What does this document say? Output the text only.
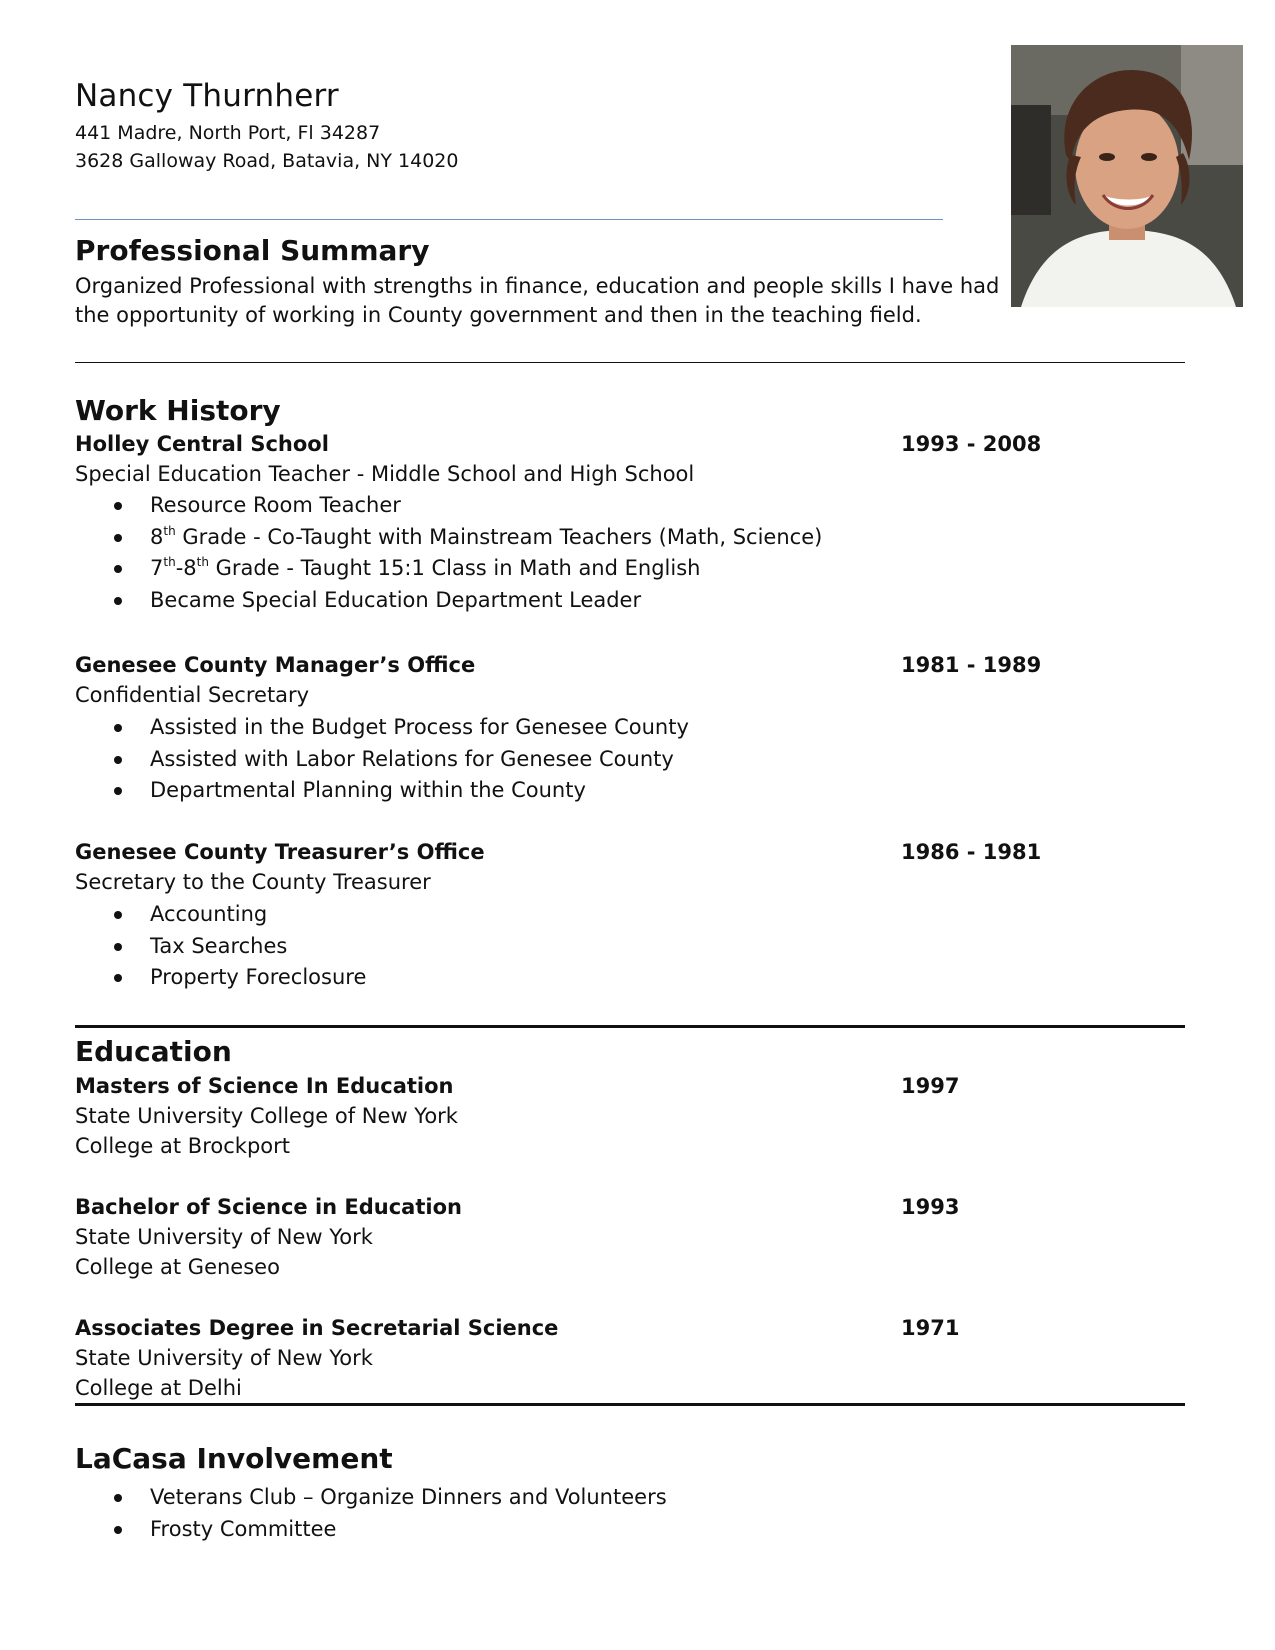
Nancy Thurnherr
441 Madre, North Port, Fl 34287
3628 Galloway Road, Batavia, NY 14020
Professional Summary
Organized Professional with strengths in finance, education and people skills I have had
the opportunity of working in County government and then in the teaching field.
Work History
Holley Central School	1993 - 2008
Special Education Teacher - Middle School and High School
Resource Room Teacher
8th Grade - Co-Taught with Mainstream Teachers (Math, Science)
7th-8th Grade - Taught 15:1 Class in Math and English
Became Special Education Department Leader
Genesee County Manager’s Office	1981 - 1989
Confidential Secretary
Assisted in the Budget Process for Genesee County
Assisted with Labor Relations for Genesee County
Departmental Planning within the County
Genesee County Treasurer’s Office	1986 - 1981
Secretary to the County Treasurer
Accounting
Tax Searches
Property Foreclosure
Education
Masters of Science In Education	1997
State University College of New York
College at Brockport
Bachelor of Science in Education	1993
State University of New York
College at Geneseo
Associates Degree in Secretarial Science	1971
State University of New York
College at Delhi
LaCasa Involvement
Veterans Club – Organize Dinners and Volunteers
Frosty Committee
